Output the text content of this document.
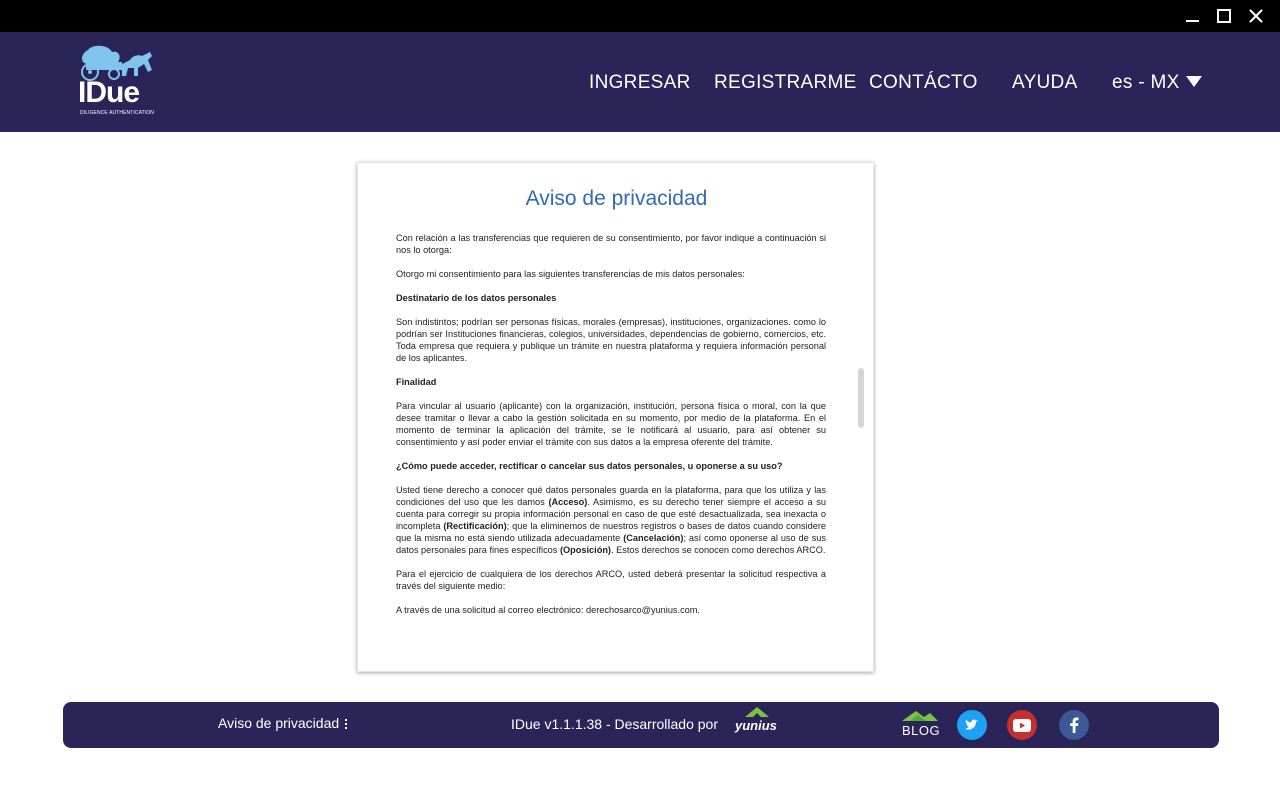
IDue
DILIGENCE AUTHENTICATION
INGRESAR REGISTRARME CONTÁCTO AYUDA es - MX
Aviso de privacidad

Con relación a las transferencias que requieren de su consentimiento, por favor indique a continuación si nos lo otorga:

Otorgo mi consentimiento para las siguientes transferencias de mis datos personales:

Destinatario de los datos personales

Son indistintos; podrían ser personas físicas, morales (empresas), instituciones, organizaciones. como lo podrían ser Instituciones financieras, colegios, universidades, dependencias de gobierno, comercios, etc. Toda empresa que requiera y publique un trámite en nuestra plataforma y requiera información personal de los aplicantes.

Finalidad

Para vincular al usuario (aplicante) con la organización, institución, persona física o moral, con la que desee tramitar o llevar a cabo la gestión solicitada en su momento, por medio de la plataforma. En el momento de terminar la aplicación del trámite, se le notificará al usuario, para así obtener su consentimiento y así poder enviar el trámite con sus datos a la empresa oferente del trámite.

¿Cómo puede acceder, rectificar o cancelar sus datos personales, u oponerse a su uso?

Usted tiene derecho a conocer qué datos personales guarda en la plataforma, para que los utiliza y las condiciones del uso que les damos (Acceso). Asimismo, es su derecho tener siempre el acceso a su cuenta para corregir su propia información personal en caso de que esté desactualizada, sea inexacta o incompleta (Rectificación); que la eliminemos de nuestros registros o bases de datos cuando considere que la misma no está siendo utilizada adecuadamente (Cancelación); así como oponerse al uso de sus datos personales para fines específicos (Oposición). Estos derechos se conocen como derechos ARCO.

Para el ejercicio de cualquiera de los derechos ARCO, usted deberá presentar la solicitud respectiva a través del siguiente medio:

A través de una solicitud al correo electrónico: derechosarco@yunius.com.

Aviso de privacidad	IDue v1.1.1.38 - Desarrollado por yunius	BLOG
